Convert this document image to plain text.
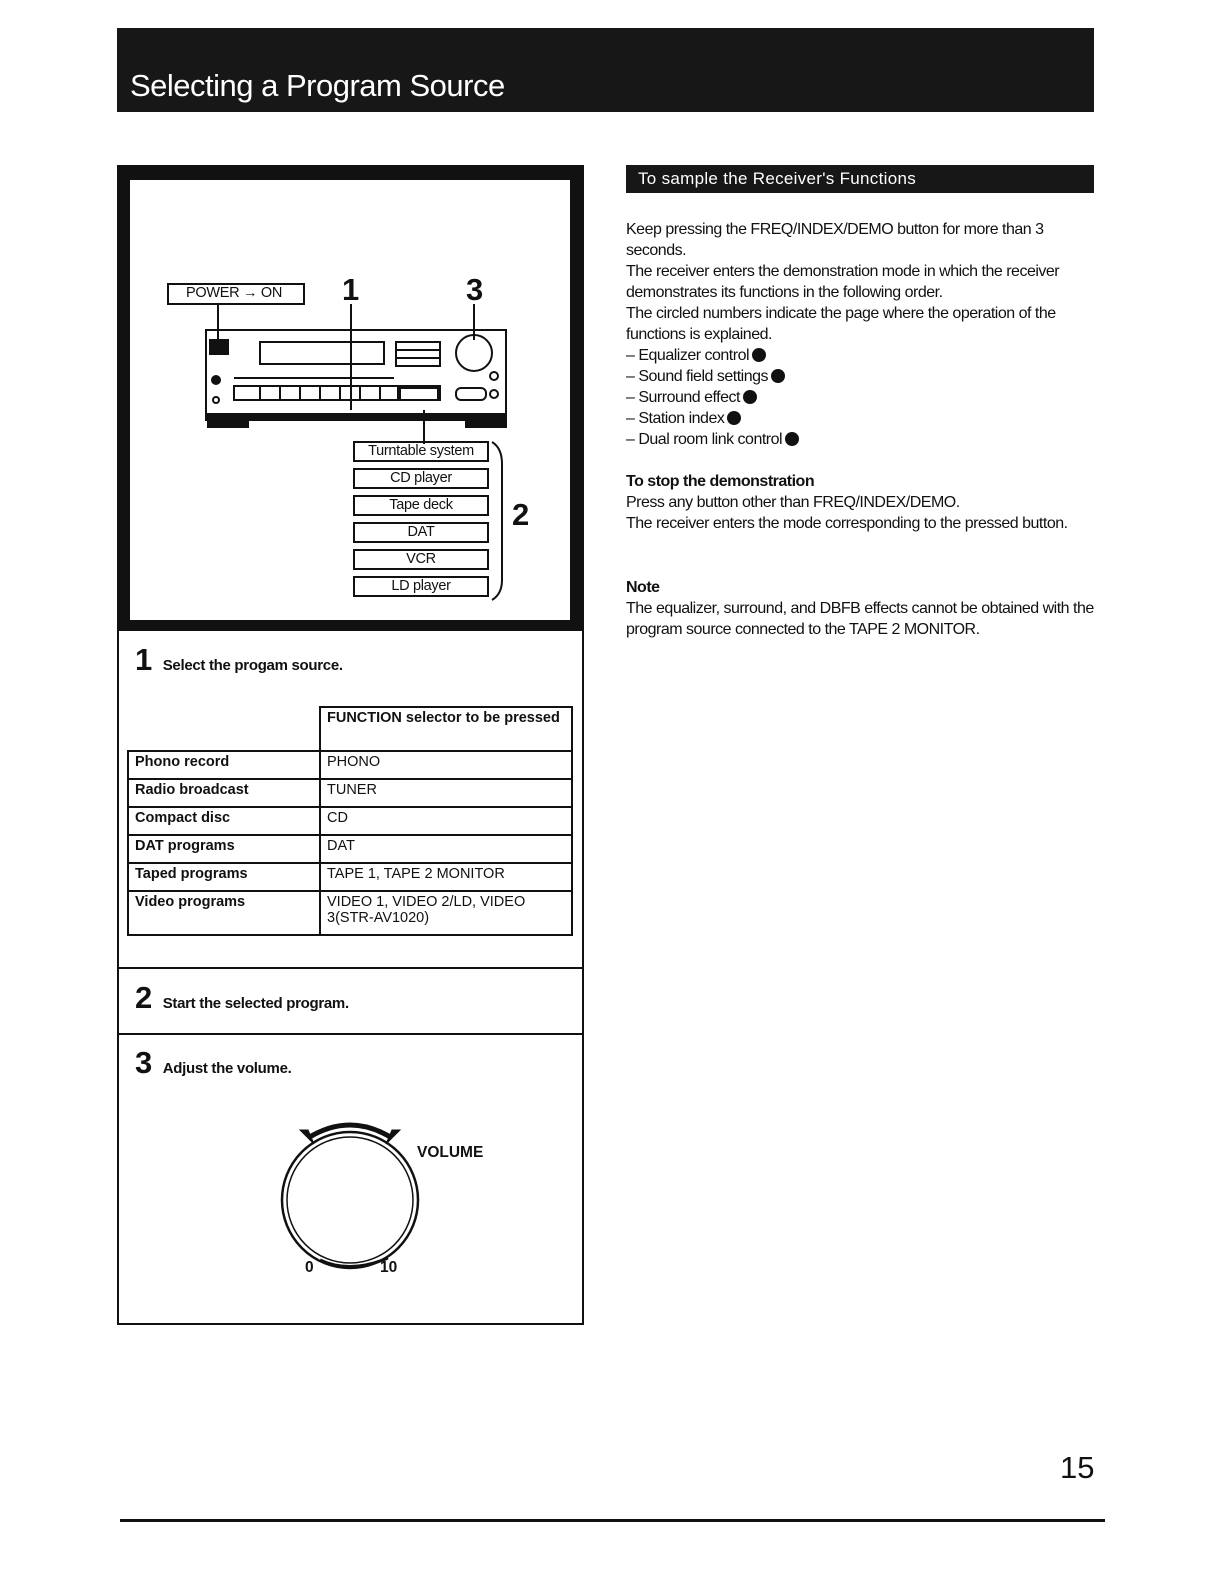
Selecting a Program Source
POWER → ON 1	3
2
Turntable system
CD player
Tape deck
DAT
VCR
LD player
1 Select the progam source.
	FUNCTION selector to be pressed
Phono record	PHONO
Radio broadcast	TUNER
Compact disc	CD
DAT programs	DAT
Taped programs	TAPE 1, TAPE 2 MONITOR
Video programs	VIDEO 1, VIDEO 2/LD, VIDEO 3(STR-AV1020)
2 Start the selected program.
3 Adjust the volume.
VOLUME
0	10
To sample the Receiver's Functions

Keep pressing the FREQ/INDEX/DEMO button for more than 3 seconds.

The receiver enters the demonstration mode in which the receiver demonstrates its functions in the following order.

The circled numbers indicate the page where the operation of the functions is explained.

– Equalizer control

– Sound field settings

– Surround effect

– Station index

– Dual room link control

To stop the demonstration

Press any button other than FREQ/INDEX/DEMO.

The receiver enters the mode corresponding to the pressed button.

Note

The equalizer, surround, and DBFB effects cannot be obtained with the program source connected to the TAPE 2 MONITOR.

15
